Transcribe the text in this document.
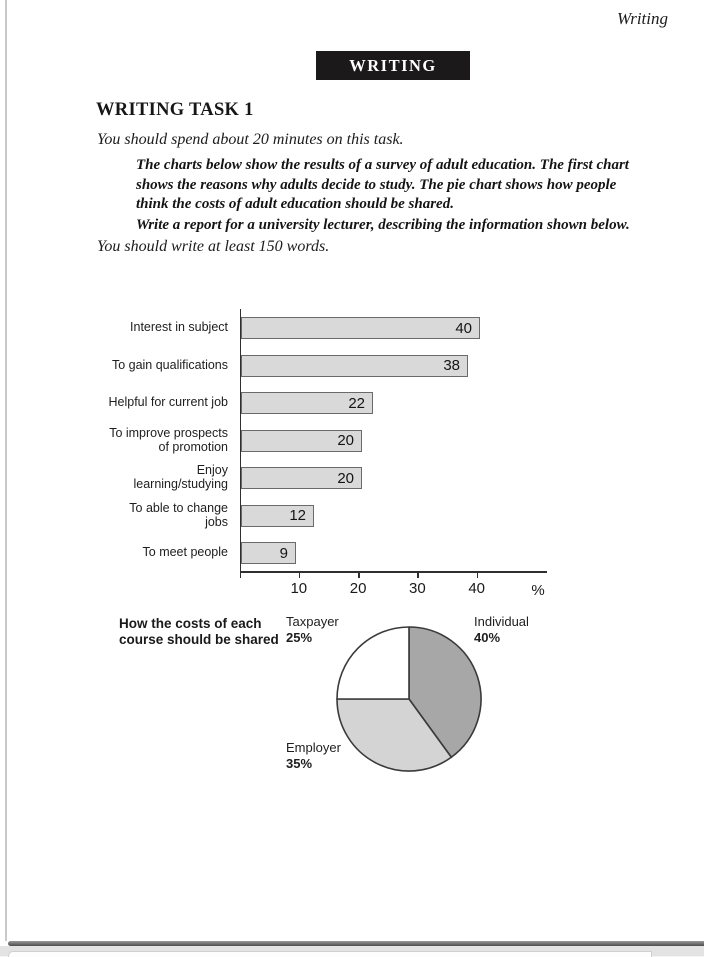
Writing
WRITING
WRITING TASK 1
You should spend about 20 minutes on this task.
The charts below show the results of a survey of adult education. The first chart
shows the reasons why adults decide to study. The pie chart shows how people
think the costs of adult education should be shared.
Write a report for a university lecturer, describing the information shown below.
You should write at least 150 words.
Interest in subject	40
To gain qualifications	38
Helpful for current job	22
To improve prospects
of promotion	20
Enjoy
learning/studying	20
To able to change
jobs	12
To meet people	9
10	20	30	40	%
How the costs of each
course should be shared
Taxpayer
25%
Individual
40%
Employer
35%
